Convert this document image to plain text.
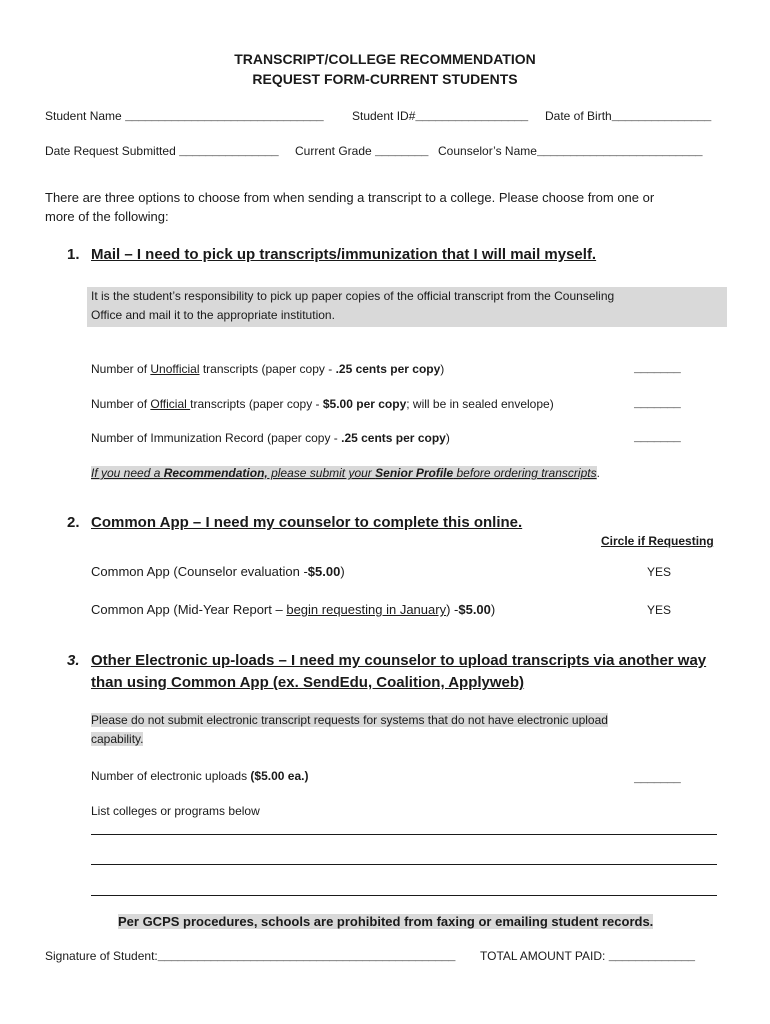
TRANSCRIPT/COLLEGE RECOMMENDATION
REQUEST FORM-CURRENT STUDENTS
Student Name ______________________________ Student ID#_________________ Date of Birth_______________
Date Request Submitted _______________ Current Grade ________ Counselor’s Name_________________________
There are three options to choose from when sending a transcript to a college. Please choose from one or
more of the following:
1. Mail – I need to pick up transcripts/immunization that I will mail myself.
It is the student’s responsibility to pick up paper copies of the official transcript from the Counseling
Office and mail it to the appropriate institution.
Number of Unofficial transcripts (paper copy - .25 cents per copy)	_______
Number of Official transcripts (paper copy - $5.00 per copy; will be in sealed envelope)	_______
Number of Immunization Record (paper copy - .25 cents per copy)	_______
If you need a Recommendation, please submit your Senior Profile before ordering transcripts.
2. Common App – I need my counselor to complete this online.
Circle if Requesting
Common App (Counselor evaluation -$5.00)	YES
Common App (Mid-Year Report – begin requesting in January) -$5.00)	YES
3. Other Electronic up-loads – I need my counselor to upload transcripts via another way
than using Common App (ex. SendEdu, Coalition, Applyweb)
Please do not submit electronic transcript requests for systems that do not have electronic upload
capability.
Number of electronic uploads ($5.00 ea.)	_______
List colleges or programs below
Per GCPS procedures, schools are prohibited from faxing or emailing student records.
Signature of Student:_____________________________________________ TOTAL AMOUNT PAID: _____________
